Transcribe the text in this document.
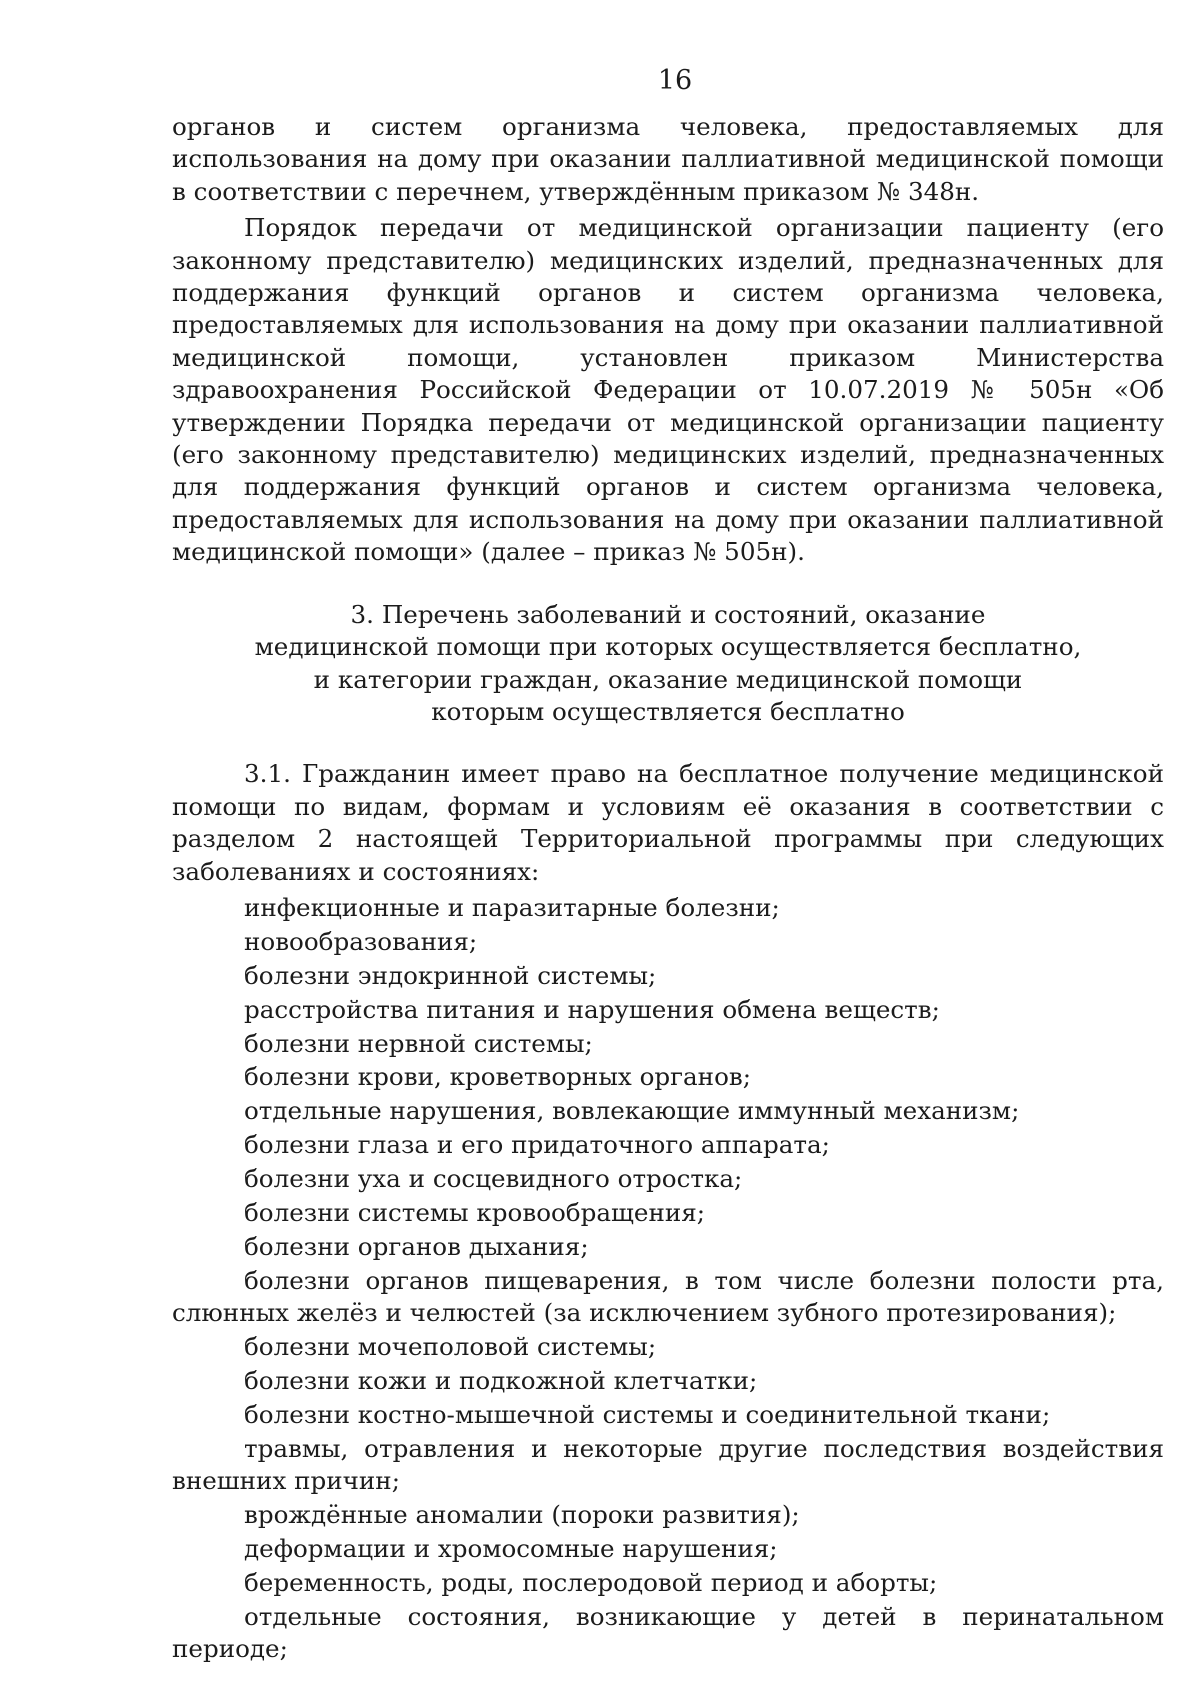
16

органов и систем организма человека, предоставляемых для использования на дому при оказании паллиативной медицинской помощи в соответствии с перечнем, утверждённым приказом № 348н.

Порядок передачи от медицинской организации пациенту (его законному представителю) медицинских изделий, предназначенных для поддержания функций органов и систем организма человека, предоставляемых для использования на дому при оказании паллиативной медицинской помощи, установлен приказом Министерства здравоохранения Российской Федерации от 10.07.2019 № 505н «Об утверждении Порядка передачи от медицинской организации пациенту (его законному представителю) медицинских изделий, предназначенных для поддержания функций органов и систем организма человека, предоставляемых для использования на дому при оказании паллиативной медицинской помощи» (далее – приказ № 505н).

3. Перечень заболеваний и состояний, оказание
медицинской помощи при которых осуществляется бесплатно,
и категории граждан, оказание медицинской помощи
которым осуществляется бесплатно

3.1. Гражданин имеет право на бесплатное получение медицинской помощи по видам, формам и условиям её оказания в соответствии с разделом 2 настоящей Территориальной программы при следующих заболеваниях и состояниях:

инфекционные и паразитарные болезни;
новообразования;
болезни эндокринной системы;
расстройства питания и нарушения обмена веществ;
болезни нервной системы;
болезни крови, кроветворных органов;
отдельные нарушения, вовлекающие иммунный механизм;
болезни глаза и его придаточного аппарата;
болезни уха и сосцевидного отростка;
болезни системы кровообращения;
болезни органов дыхания;
болезни органов пищеварения, в том числе болезни полости рта, слюнных желёз и челюстей (за исключением зубного протезирования);
болезни мочеполовой системы;
болезни кожи и подкожной клетчатки;
болезни костно-мышечной системы и соединительной ткани;
травмы, отравления и некоторые другие последствия воздействия внешних причин;
врождённые аномалии (пороки развития);
деформации и хромосомные нарушения;
беременность, роды, послеродовой период и аборты;
отдельные состояния, возникающие у детей в перинатальном периоде;
